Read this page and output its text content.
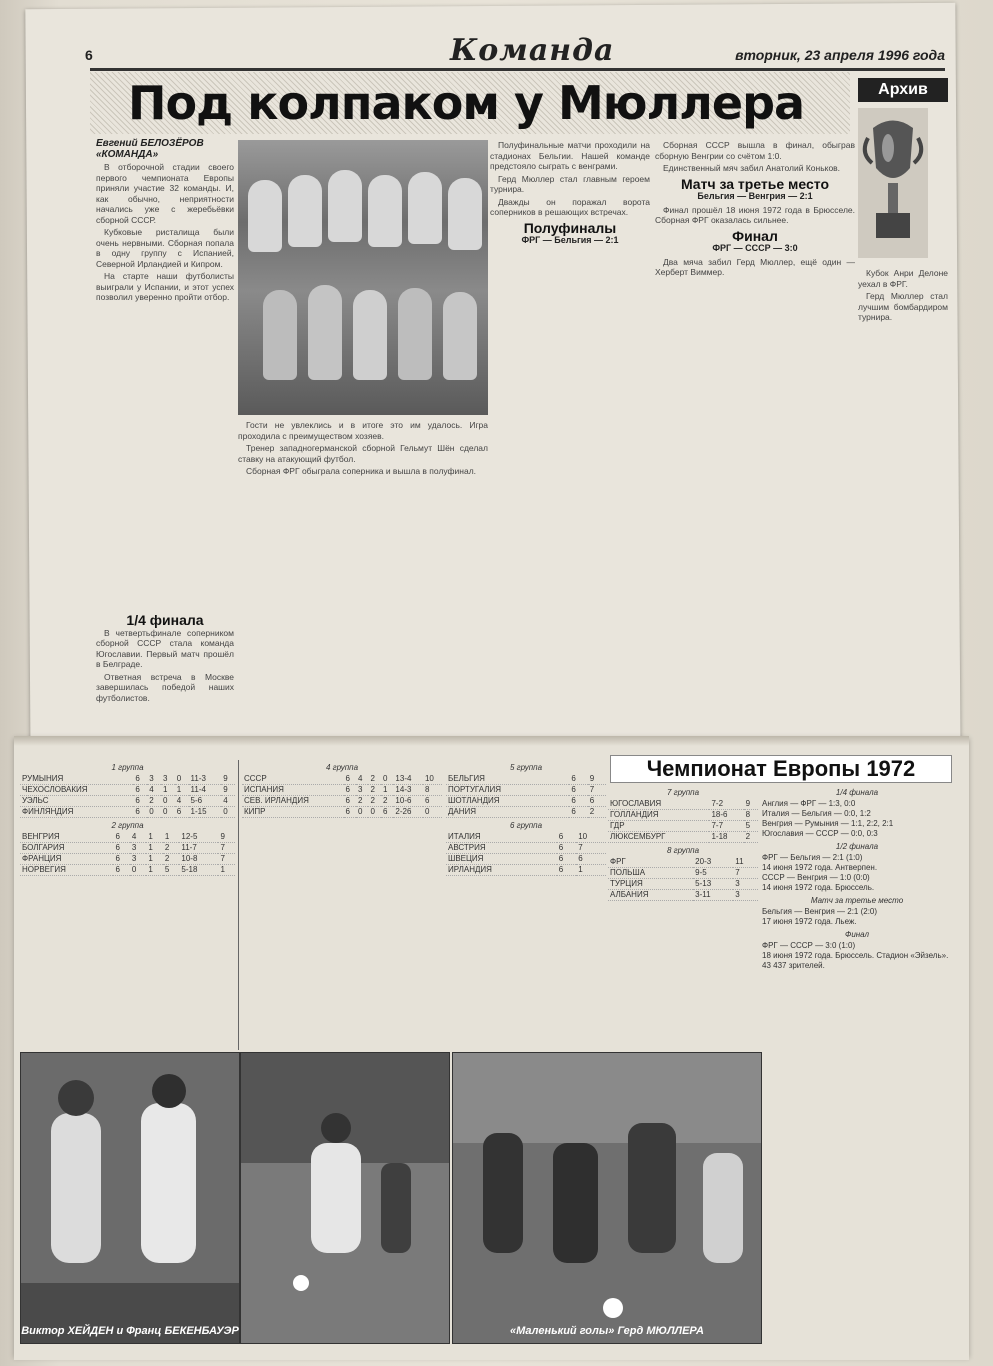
6	Команда	вторник, 23 апреля 1996 года
Под колпаком у Мюллера	Архив

Кубок Анри Делоне уехал в ФРГ.

Герд Мюллер стал лучшим бомбардиром турнира.

Евгений БЕЛОЗЁРОВ
«КОМАНДА»

В отборочной стадии своего первого чемпионата Европы приняли участие 32 команды. И, как обычно, неприятности начались уже с жеребьёвки сборной СССР.

Кубковые ристалища были очень нервными. Сборная попала в одну группу с Испанией, Северной Ирландией и Кипром.

На старте наши футболисты выиграли у Испании, и этот успех позволил уверенно пройти отбор.

Полуфинальные матчи проходили на стадионах Бельгии. Нашей команде предстояло сыграть с венграми.

Герд Мюллер стал главным героем турнира.

Дважды он поражал ворота соперников в решающих встречах.

Полуфиналы
ФРГ — Бельгия — 2:1

Сборная СССР вышла в финал, обыграв сборную Венгрии со счётом 1:0.

Единственный мяч забил Анатолий Коньков.

Матч за третье место
Бельгия — Венгрия — 2:1

Финал прошёл 18 июня 1972 года в Брюсселе. Сборная ФРГ оказалась сильнее.

Финал
ФРГ — СССР — 3:0

Два мяча забил Герд Мюллер, ещё один — Херберт Виммер.

1/4 финала

В четвертьфинале соперником сборной СССР стала команда Югославии. Первый матч прошёл в Белграде.

Ответная встреча в Москве завершилась победой наших футболистов.

Гости не увлеклись и в итоге это им удалось. Игра проходила с преимуществом хозяев.

Тренер западногерманской сборной Гельмут Шён сделал ставку на атакующий футбол.

Сборная ФРГ обыграла соперника и вышла в полуфинал.

Чемпионат Европы 1972
1 группа
РУМЫНИЯ	6	3	3	0	11-3	9
ЧЕХОСЛОВАКИЯ	6	4	1	1	11-4	9
УЭЛЬС	6	2	0	4	5-6	4
ФИНЛЯНДИЯ	6	0	0	6	1-15	0
2 группа
ВЕНГРИЯ	6	4	1	1	12-5	9
БОЛГАРИЯ	6	3	1	2	11-7	7
ФРАНЦИЯ	6	3	1	2	10-8	7
НОРВЕГИЯ	6	0	1	5	5-18	1
4 группа
СССР	6	4	2	0	13-4	10
ИСПАНИЯ	6	3	2	1	14-3	8
СЕВ. ИРЛАНДИЯ	6	2	2	2	10-6	6
КИПР	6	0	0	6	2-26	0
5 группа
БЕЛЬГИЯ	6	9
ПОРТУГАЛИЯ	6	7
ШОТЛАНДИЯ	6	6
ДАНИЯ	6	2
6 группа
ИТАЛИЯ	6	10
АВСТРИЯ	6	7
ШВЕЦИЯ	6	6
ИРЛАНДИЯ	6	1
7 группа
ЮГОСЛАВИЯ	7-2	9
ГОЛЛАНДИЯ	18-6	8
ГДР	7-7	5
ЛЮКСЕМБУРГ	1-18	2
8 группа
ФРГ	20-3	11
ПОЛЬША	9-5	7
ТУРЦИЯ	5-13	3
АЛБАНИЯ	3-11	3
1/4 финала
Англия — ФРГ — 1:3, 0:0
Италия — Бельгия — 0:0, 1:2
Венгрия — Румыния — 1:1, 2:2, 2:1
Югославия — СССР — 0:0, 0:3
1/2 финала
ФРГ — Бельгия — 2:1 (1:0)
14 июня 1972 года. Антверпен.
СССР — Венгрия — 1:0 (0:0)
14 июня 1972 года. Брюссель.
Матч за третье место
Бельгия — Венгрия — 2:1 (2:0)
17 июня 1972 года. Льеж.
Финал
ФРГ — СССР — 3:0 (1:0)
18 июня 1972 года. Брюссель. Стадион «Эйзель». 43 437 зрителей.
Виктор ХЕЙДЕН и Франц БЕКЕНБАУЭР	«Маленький голы» Герд МЮЛЛЕРА
